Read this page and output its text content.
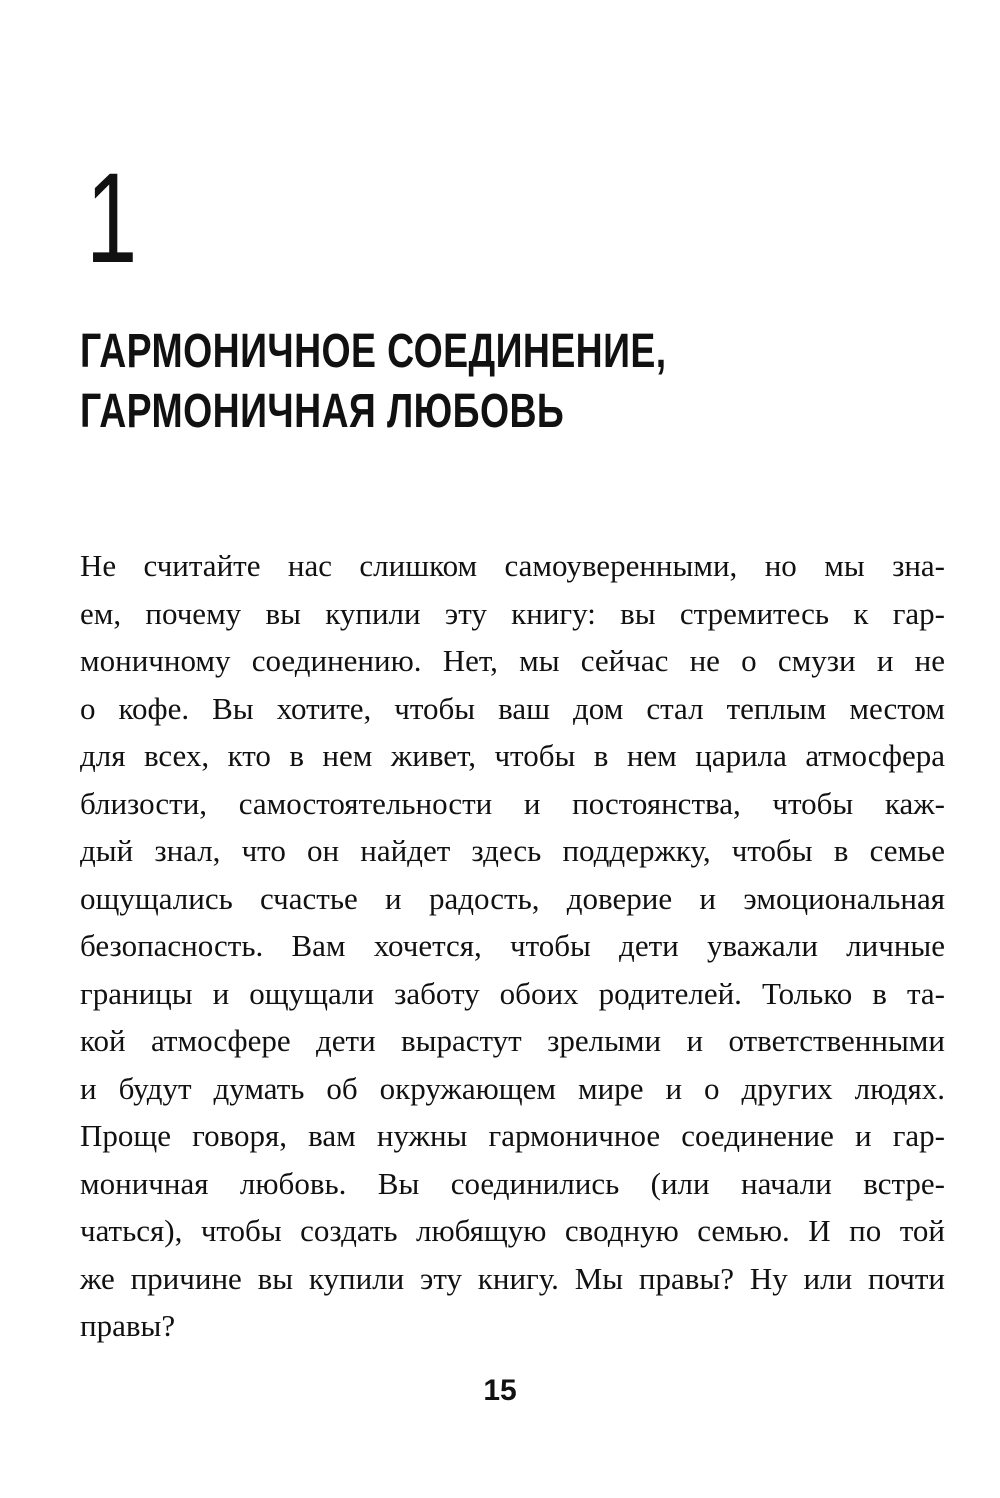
1
ГАРМОНИЧНОЕ СОЕДИНЕНИЕ,
ГАРМОНИЧНАЯ ЛЮБОВЬ
Не считайте нас слишком самоуверенными, но мы зна-
ем, почему вы купили эту книгу: вы стремитесь к гар-
моничному соединению. Нет, мы сейчас не о смузи и не
о кофе. Вы хотите, чтобы ваш дом стал теплым местом
для всех, кто в нем живет, чтобы в нем царила атмосфера
близости, самостоятельности и постоянства, чтобы каж-
дый знал, что он найдет здесь поддержку, чтобы в семье
ощущались счастье и радость, доверие и эмоциональная
безопасность. Вам хочется, чтобы дети уважали личные
границы и ощущали заботу обоих родителей. Только в та-
кой атмосфере дети вырастут зрелыми и ответственными
и будут думать об окружающем мире и о других людях.
Проще говоря, вам нужны гармоничное соединение и гар-
моничная любовь. Вы соединились (или начали встре-
чаться), чтобы создать любящую сводную семью. И по той
же причине вы купили эту книгу. Мы правы? Ну или почти
правы?
15
